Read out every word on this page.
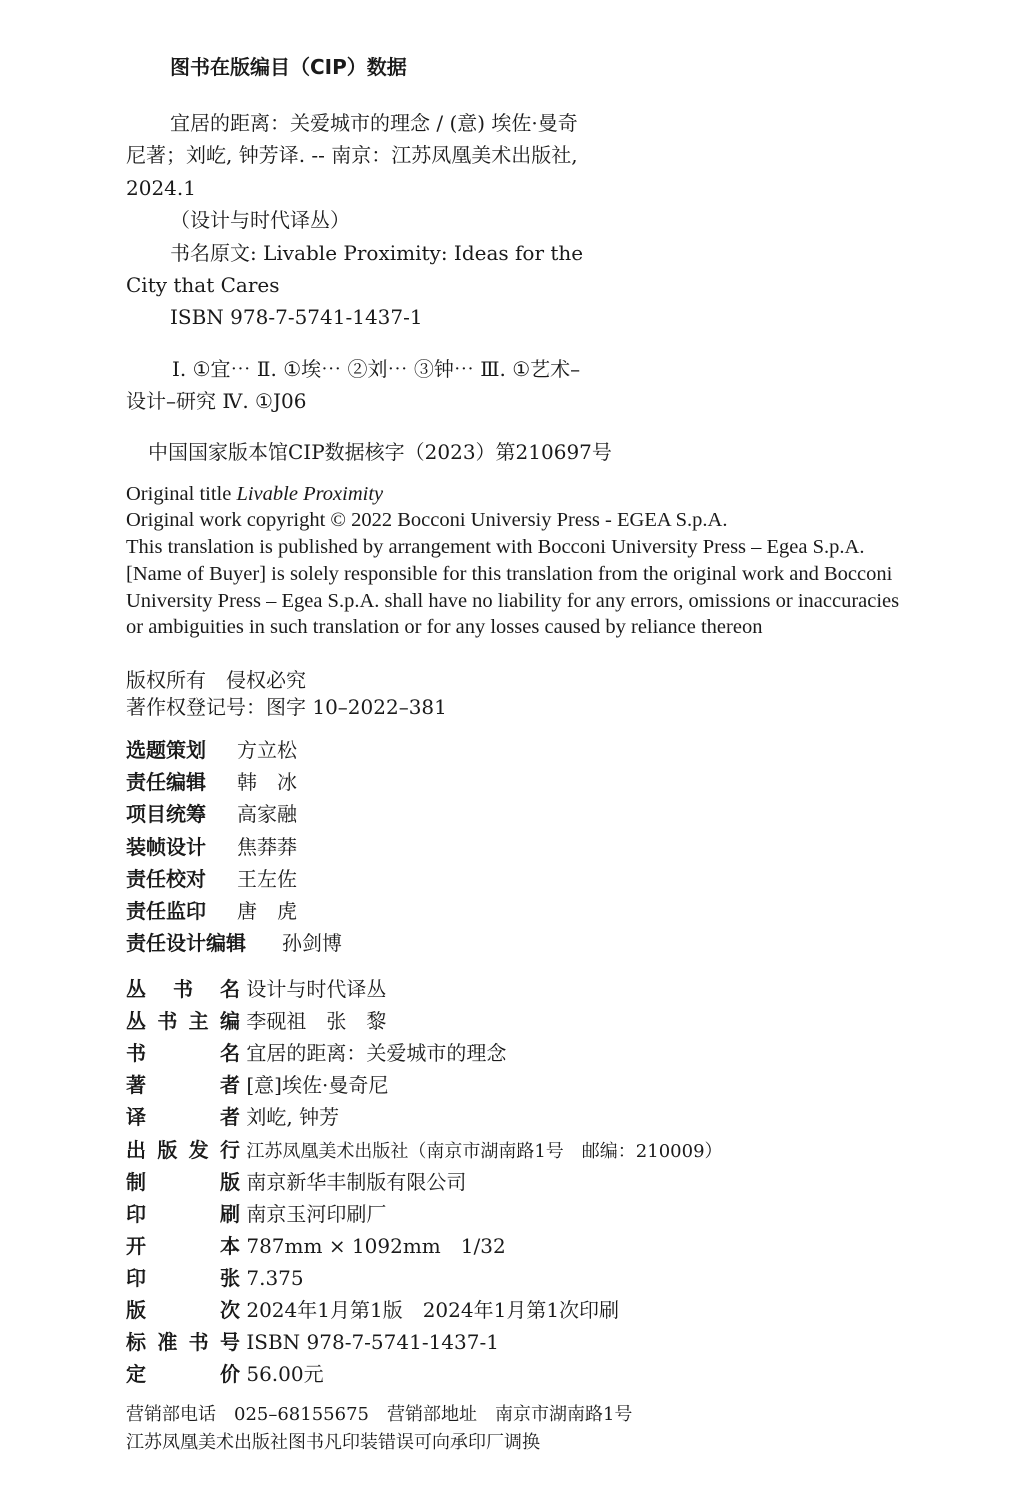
图书在版编目（CIP）数据
宜居的距离：关爱城市的理念 / (意) 埃佐·曼奇
尼著；刘屹, 钟芳译. -- 南京：江苏凤凰美术出版社,
2024.1
（设计与时代译丛）
书名原文: Livable Proximity: Ideas for the
City that Cares
ISBN 978-7-5741-1437-1
Ⅰ. ①宜⋯ Ⅱ. ①埃⋯ ②刘⋯ ③钟⋯ Ⅲ. ①艺术–
设计–研究 Ⅳ. ①J06
中国国家版本馆CIP数据核字（2023）第210697号
Original title Livable Proximity
Original work copyright © 2022 Bocconi Universiy Press - EGEA S.p.A.
This translation is published by arrangement with Bocconi University Press – Egea S.p.A.
[Name of Buyer] is solely responsible for this translation from the original work and Bocconi
University Press – Egea S.p.A. shall have no liability for any errors, omissions or inaccuracies
or ambiguities in such translation or for any losses caused by reliance thereon
版权所有　侵权必究
著作权登记号：图字 10–2022–381
选题策划 方立松
责任编辑 韩　冰
项目统筹 高家融
装帧设计 焦莽莽
责任校对 王左佐
责任监印 唐　虎
责任设计编辑 孙剑博
丛书名 设计与时代译丛
丛书主编 李砚祖　张　黎
书名 宜居的距离：关爱城市的理念
著者 [意]埃佐·曼奇尼
译者 刘屹, 钟芳
出版发行 江苏凤凰美术出版社（南京市湖南路1号　邮编：210009）
制版 南京新华丰制版有限公司
印刷 南京玉河印刷厂
开本 787mm × 1092mm　1/32
印张 7.375
版次 2024年1月第1版　2024年1月第1次印刷
标准书号 ISBN 978-7-5741-1437-1
定价 56.00元
营销部电话　025–68155675　营销部地址　南京市湖南路1号
江苏凤凰美术出版社图书凡印装错误可向承印厂调换
